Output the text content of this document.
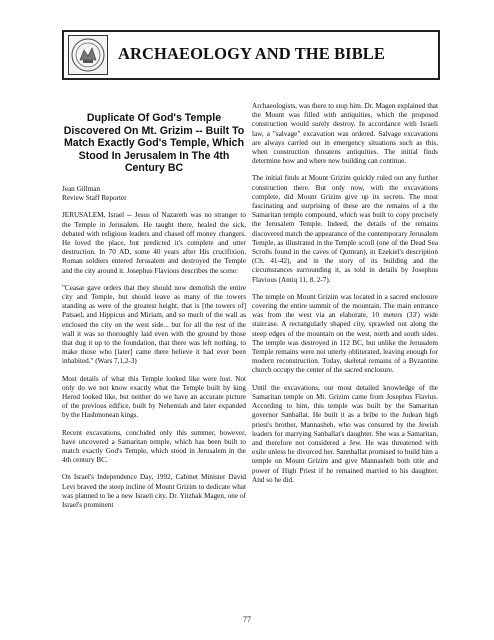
ARCHAEOLOGY AND THE BIBLE
Duplicate Of God's Temple Discovered On Mt. Grizim -- Built To Match Exactly God's Temple, Which Stood In Jerusalem In The 4th Century BC
Jean Gillman
Review Staff Reporter
JERUSALEM, Israel -- Jesus of Nazareth was no stranger to the Temple in Jerusalem. He taught there, healed the sick, debated with religious leaders and chased off money changers. He loved the place, but predicted it's complete and utter destruction. In 70 AD, some 40 years after His crucifixion, Roman soldiers entered Jerusalem and destroyed the Temple and the city around it. Josephus Flavious describes the scene:
"Ceasar gave orders that they should now demolish the entire city and Temple, but should leave as many of the towers standing as were of the greatest height, that is [the towers of] Patsael, and Hippicus and Miriam, and so much of the wall as enclosed the city on the west side... but for all the rest of the wall it was so thoroughly laid even with the ground by those that dug it up to the foundation, that there was left nothing, to make those who [later] came there believe it had ever been inhabited." (Wars 7,1,2-3)
Most details of what this Temple looked like were lost. Not only do we not know exactly what the Temple built by king Herod looked like, but neither do we have an accurate picture of the previous edifice, built by Nehemiah and later expanded by the Hashmonean kings.
Recent excavations, concluded only this summer, however, have uncovered a Samaritan temple, which has been built to match exactly God's Temple, which stood in Jerusalem in the 4th century BC.
On Israel's Independence Day, 1992, Cabinet Minister David Levi braved the steep incline of Mount Grizim to dedicate what was planned to be a new Israeli city. Dr. Yitzhak Magen, one of Israel's prominent
Archaeologists, was there to stop him. Dr. Magen explained that the Mount was filled with antiquities, which the proposed construction would surely destroy. In accordance with Israeli law, a "salvage" excavation was ordered. Salvage excavations are always carried out in emergency situations such as this, when construction threatens antiquities. The initial finds determine how and where new building can continue.
The initial finds at Mount Grizim quickly ruled out any further construction there. But only now, with the excavations complete, did Mount Grizim give up its secrets. The most fascinating and surprising of these are the remains of a the Samaritan temple compound, which was built to copy precisely the Jerusalem Temple. Indeed, the details of the remains discovered match the appearance of the contemporary Jerusalem Temple, as illustrated in the Temple scroll (one of the Dead Sea Scrolls found in the caves of Qumran), in Ezekiel's description (Ch. 41-42), and in the story of its building and the circumstances surrounding it, as told in details by Josephus Flavious (Antiq 11, 8, 2-7).
The temple on Mount Grizim was located in a sacred enclosure covering the entire summit of the mountain. The main entrance was from the west via an elaborate, 10 meters (33') wide staircase. A rectangularly shaped city, sprawled out along the steep edges of the mountain on the west, north and south sides. The temple was destroyed in 112 BC, but unlike the Jerusalem Temple remains were not utterly obliterated, leaving enough for modern reconstruction. Today, skeletal remains of a Byzantine church occupy the center of the sacred enclosure.
Until the excavations, our most detailed knowledge of the Samaritan temple on Mt. Grizim came from Josephus Flavius. According to him, this temple was built by the Samaritan governor Sanballat. He built it as a bribe to the Judean high priest's brother, Mannasheh, who was censured by the Jewish leaders for marrying Sanballat's daughter. She was a Samaritan, and therefore not considered a Jew. He was threatened with exile unless he divorced her. Sannballat promised to build him a temple on Mount Grizim and give Mannasheh both title and power of High Priest if he remained married to his daughter. And so he did.
77
